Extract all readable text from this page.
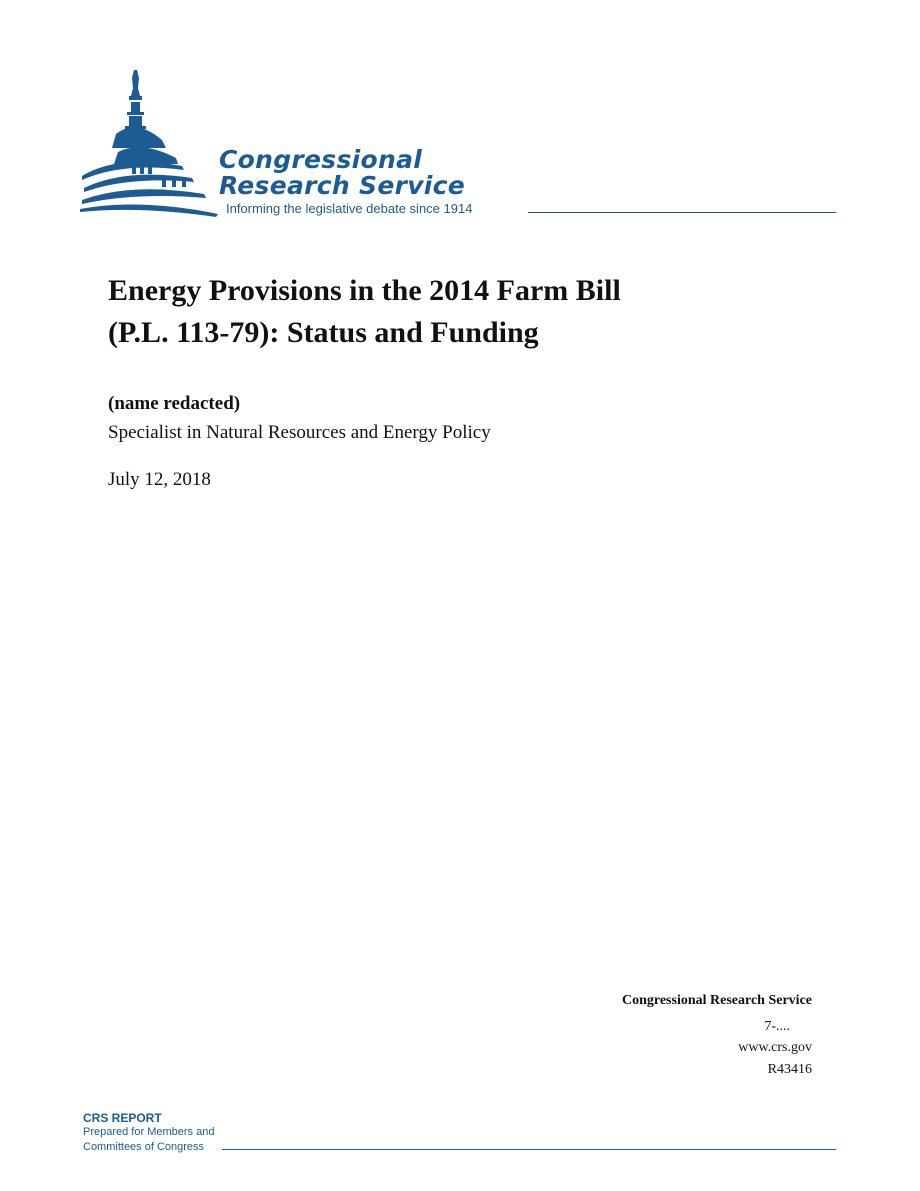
Congressional
Research Service
Informing the legislative debate since 1914
Energy Provisions in the 2014 Farm Bill
(P.L. 113-79): Status and Funding
(name redacted)
Specialist in Natural Resources and Energy Policy
July 12, 2018
Congressional Research Service
7-....
www.crs.gov
R43416
CRS REPORT
Prepared for Members and
Committees of Congress
